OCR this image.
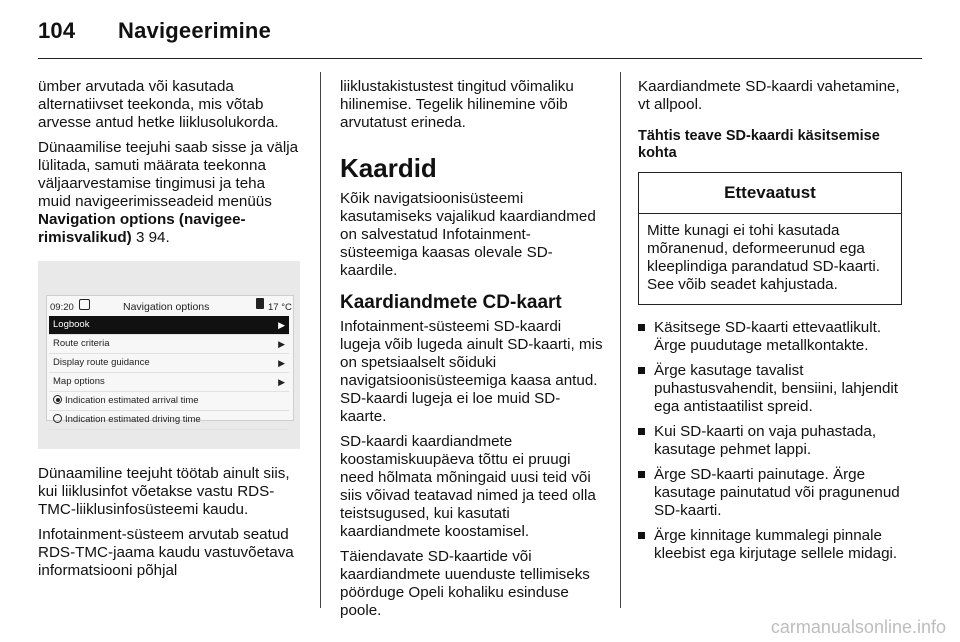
104 Navigeerimine

ümber arvutada või kasutada alternatiivset teekonda, mis võtab arvesse antud hetke liiklusolukorda.

Dünaamilise teejuhi saab sisse ja välja lülitada, samuti määrata teekonna väljaarvestamise tingimusi ja teha muid navigeerimisseadeid menüüs Navigation options (navigee-rimisvalikud) 3 94.

09:20	Navigation options	17 °C
Logbook	▶
Route criteria	▶
Display route guidance	▶
Map options	▶
Indication estimated arrival time
Indication estimated driving time

Dünaamiline teejuht töötab ainult siis, kui liiklusinfot võetakse vastu RDS-TMC-liiklusinfosüsteemi kaudu.

Infotainment-süsteem arvutab seatud RDS-TMC-jaama kaudu vastuvõetava informatsiooni põhjal

liiklustakistustest tingitud võimaliku hilinemise. Tegelik hilinemine võib arvutatust erineda.

Kaardid

Kõik navigatsioonisüsteemi kasutamiseks vajalikud kaardiandmed on salvestatud Infotainment-süsteemiga kaasas olevale SD-kaardile.

Kaardiandmete CD-kaart

Infotainment-süsteemi SD-kaardi lugeja võib lugeda ainult SD-kaarti, mis on spetsiaalselt sõiduki navigatsioonisüsteemiga kaasa antud. SD-kaardi lugeja ei loe muid SD-kaarte.

SD-kaardi kaardiandmete koostamiskuupäeva tõttu ei pruugi need hõlmata mõningaid uusi teid või siis võivad teatavad nimed ja teed olla teistsugused, kui kasutati kaardiandmete koostamisel.

Täiendavate SD-kaartide või kaardiandmete uuenduste tellimiseks pöörduge Opeli kohaliku esinduse poole.

Kaardiandmete SD-kaardi vahetamine, vt allpool.

Tähtis teave SD-kaardi käsitsemise kohta
Ettevaatust
Mitte kunagi ei tohi kasutada mõranenud, deformeerunud ega kleeplindiga parandatud SD-kaarti. See võib seadet kahjustada.
Käsitsege SD-kaarti ettevaatlikult. Ärge puudutage metallkontakte.
Ärge kasutage tavalist puhastusvahendit, bensiini, lahjendit ega antistaatilist spreid.
Kui SD-kaarti on vaja puhastada, kasutage pehmet lappi.
Ärge SD-kaarti painutage. Ärge kasutage painutatud või pragunenud SD-kaarti.
Ärge kinnitage kummalegi pinnale kleebist ega kirjutage sellele midagi.
carmanualsonline.info
